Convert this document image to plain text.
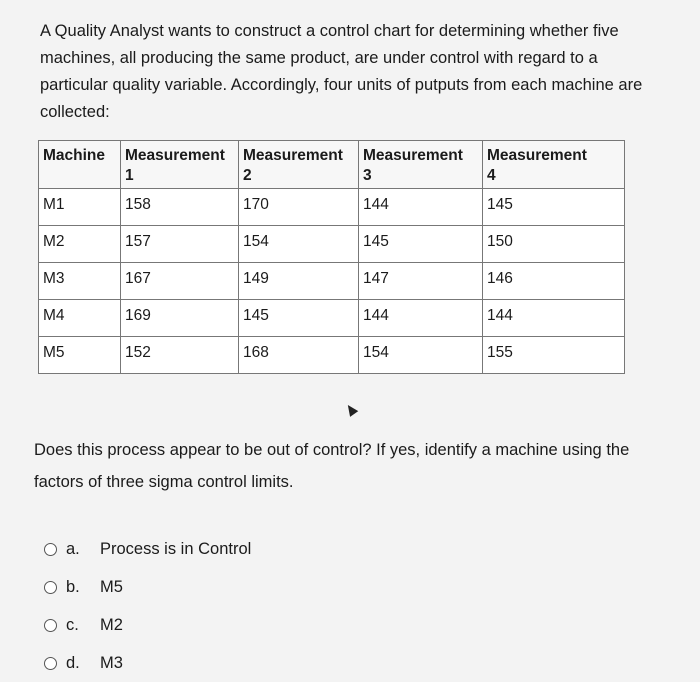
A Quality Analyst wants to construct a control chart for determining whether five machines, all producing the same product, are under control with regard to a particular quality variable. Accordingly, four units of putputs from each machine are collected:
Machine	Measurement	Measurement	Measurement	Measurement
	1	2	3	4
M1	158	170	144	145
M2	157	154	145	150
M3	167	149	147	146
M4	169	145	144	144
M5	152	168	154	155
Does this process appear to be out of control? If yes, identify a machine using the factors of three sigma control limits.
a.	Process is in Control
b.	M5
c.	M2
d.	M3
